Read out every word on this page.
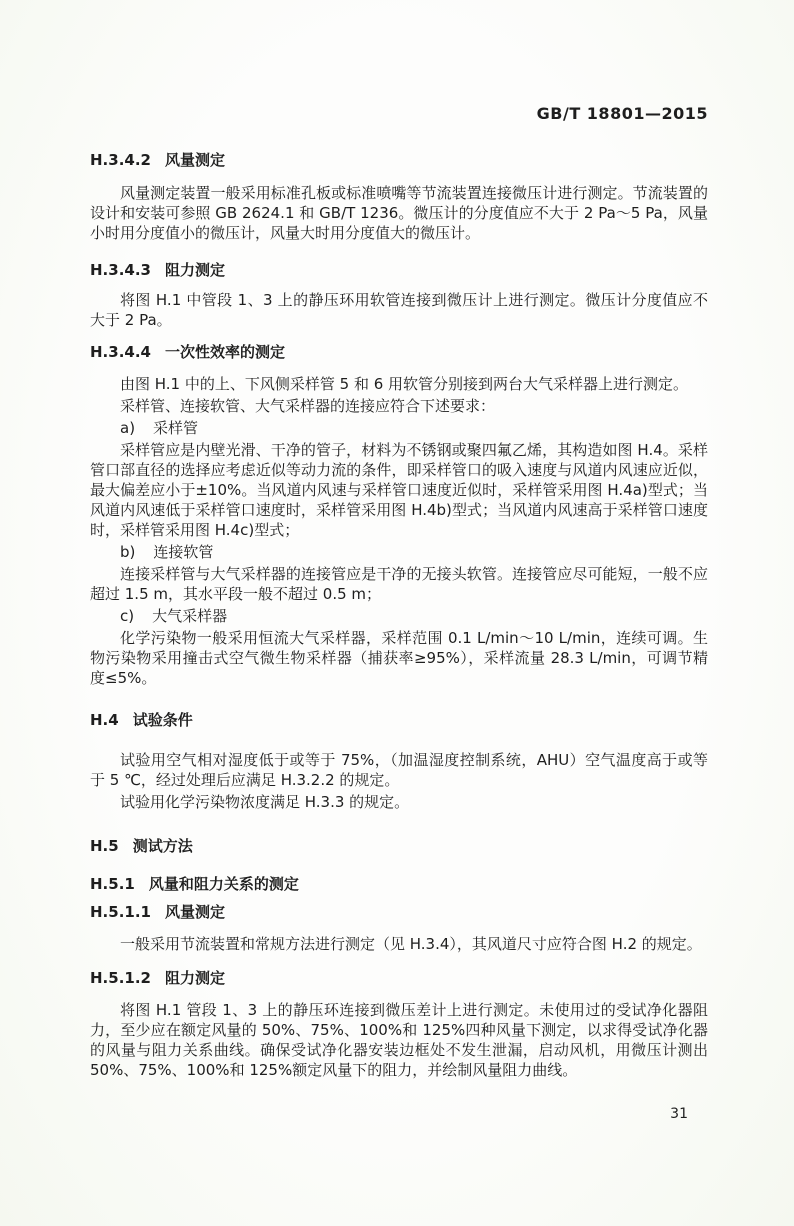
GB/T 18801—2015
H.3.4.2 风量测定

风量测定装置一般采用标准孔板或标准喷嘴等节流装置连接微压计进行测定。节流装置的设计和安装可参照 GB 2624.1 和 GB/T 1236。微压计的分度值应不大于 2 Pa～5 Pa，风量小时用分度值小的微压计，风量大时用分度值大的微压计。

H.3.4.3 阻力测定

将图 H.1 中管段 1、3 上的静压环用软管连接到微压计上进行测定。微压计分度值应不大于 2 Pa。

H.3.4.4 一次性效率的测定

由图 H.1 中的上、下风侧采样管 5 和 6 用软管分别接到两台大气采样器上进行测定。

采样管、连接软管、大气采样器的连接应符合下述要求：

a) 采样管

采样管应是内壁光滑、干净的管子，材料为不锈钢或聚四氟乙烯，其构造如图 H.4。采样管口部直径的选择应考虑近似等动力流的条件，即采样管口的吸入速度与风道内风速应近似，最大偏差应小于±10%。当风道内风速与采样管口速度近似时，采样管采用图 H.4a)型式；当风道内风速低于采样管口速度时，采样管采用图 H.4b)型式；当风道内风速高于采样管口速度时，采样管采用图 H.4c)型式；

b) 连接软管

连接采样管与大气采样器的连接管应是干净的无接头软管。连接管应尽可能短，一般不应超过 1.5 m，其水平段一般不超过 0.5 m；

c) 大气采样器

化学污染物一般采用恒流大气采样器，采样范围 0.1 L/min～10 L/min，连续可调。生物污染物采用撞击式空气微生物采样器（捕获率≥95%），采样流量 28.3 L/min，可调节精度≤5%。

H.4 试验条件

试验用空气相对湿度低于或等于 75%，（加温湿度控制系统，AHU）空气温度高于或等于 5 ℃，经过处理后应满足 H.3.2.2 的规定。

试验用化学污染物浓度满足 H.3.3 的规定。

H.5 测试方法
H.5.1 风量和阻力关系的测定
H.5.1.1 风量测定

一般采用节流装置和常规方法进行测定（见 H.3.4），其风道尺寸应符合图 H.2 的规定。

H.5.1.2 阻力测定

将图 H.1 管段 1、3 上的静压环连接到微压差计上进行测定。未使用过的受试净化器阻力，至少应在额定风量的 50%、75%、100%和 125%四种风量下测定，以求得受试净化器的风量与阻力关系曲线。确保受试净化器安装边框处不发生泄漏，启动风机，用微压计测出 50%、75%、100%和 125%额定风量下的阻力，并绘制风量阻力曲线。

31
